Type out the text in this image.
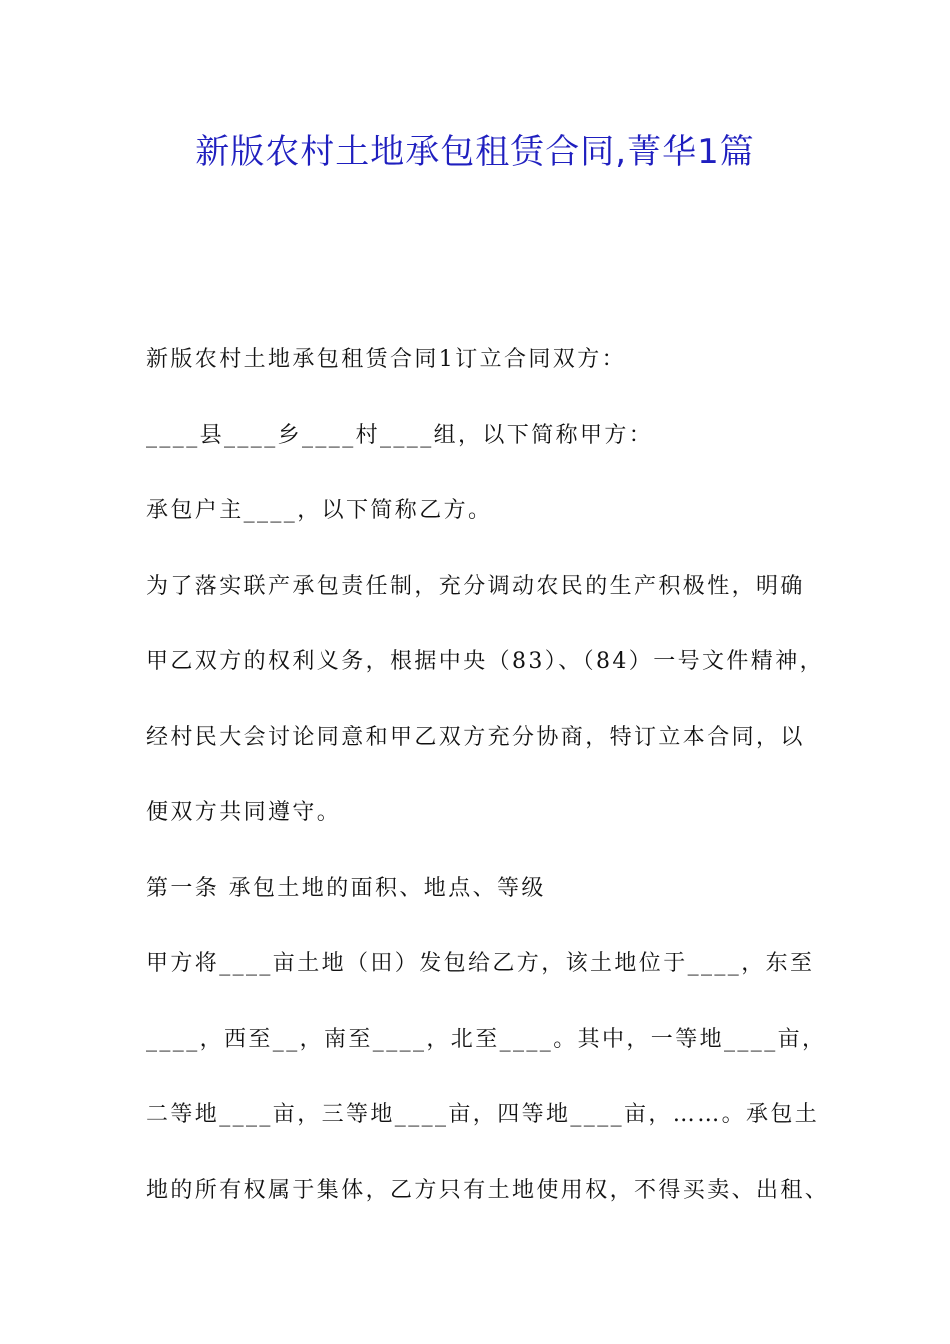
新版农村土地承包租赁合同,菁华1篇
新版农村土地承包租赁合同1订立合同双方：
____县____乡____村____组，以下简称甲方：
承包户主____，以下简称乙方。
为了落实联产承包责任制，充分调动农民的生产积极性，明确
甲乙双方的权利义务，根据中央（83）、（84）一号文件精神，
经村民大会讨论同意和甲乙双方充分协商，特订立本合同，以
便双方共同遵守。
第一条 承包土地的面积、地点、等级
甲方将____亩土地（田）发包给乙方，该土地位于____，东至
____，西至__，南至____，北至____。其中，一等地____亩，
二等地____亩，三等地____亩，四等地____亩，……。承包土
地的所有权属于集体，乙方只有土地使用权，不得买卖、出租、
